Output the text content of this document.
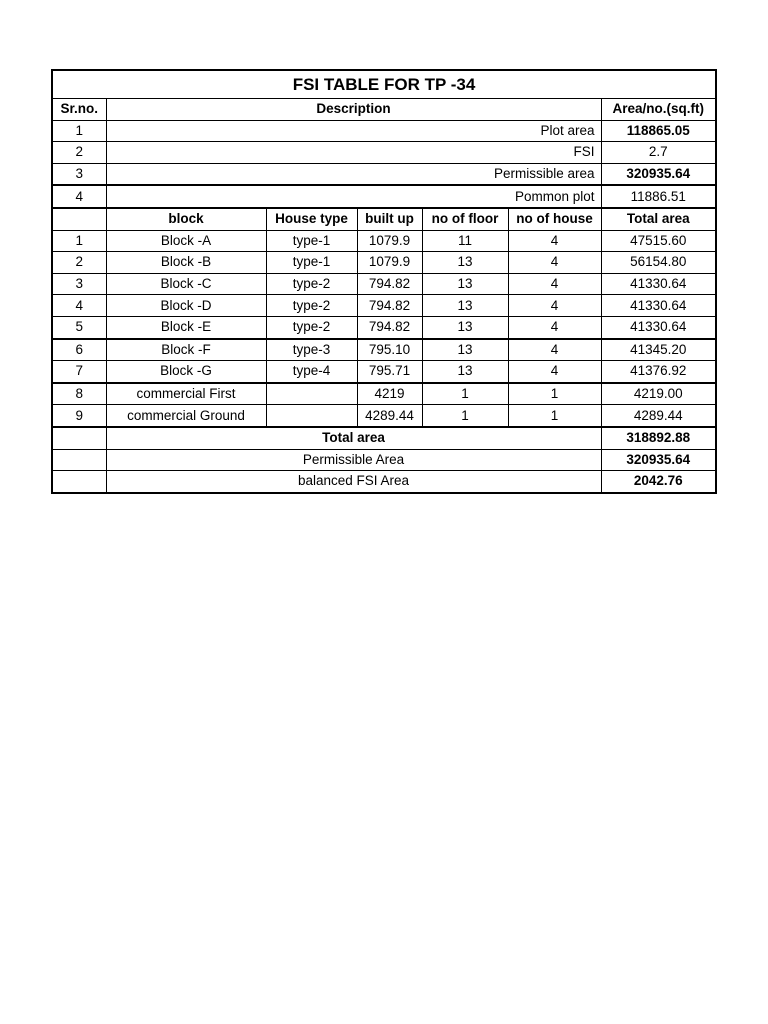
FSI TABLE FOR TP -34						
Sr.no.	Description					Area/no.(sq.ft)
1	Plot area					118865.05
2	FSI					2.7
3	Permissible area					320935.64
4	Pommon plot					11886.51
	block	House type	built up	no of floor	no of house	Total area
1	Block -A	type-1	1079.9	11	4	47515.60
2	Block -B	type-1	1079.9	13	4	56154.80
3	Block -C	type-2	794.82	13	4	41330.64
4	Block -D	type-2	794.82	13	4	41330.64
5	Block -E	type-2	794.82	13	4	41330.64
6	Block -F	type-3	795.10	13	4	41345.20
7	Block -G	type-4	795.71	13	4	41376.92
8	commercial First		4219	1	1	4219.00
9	commercial Ground		4289.44	1	1	4289.44
	Total area					318892.88
	Permissible Area					320935.64
	balanced FSI Area					2042.76
